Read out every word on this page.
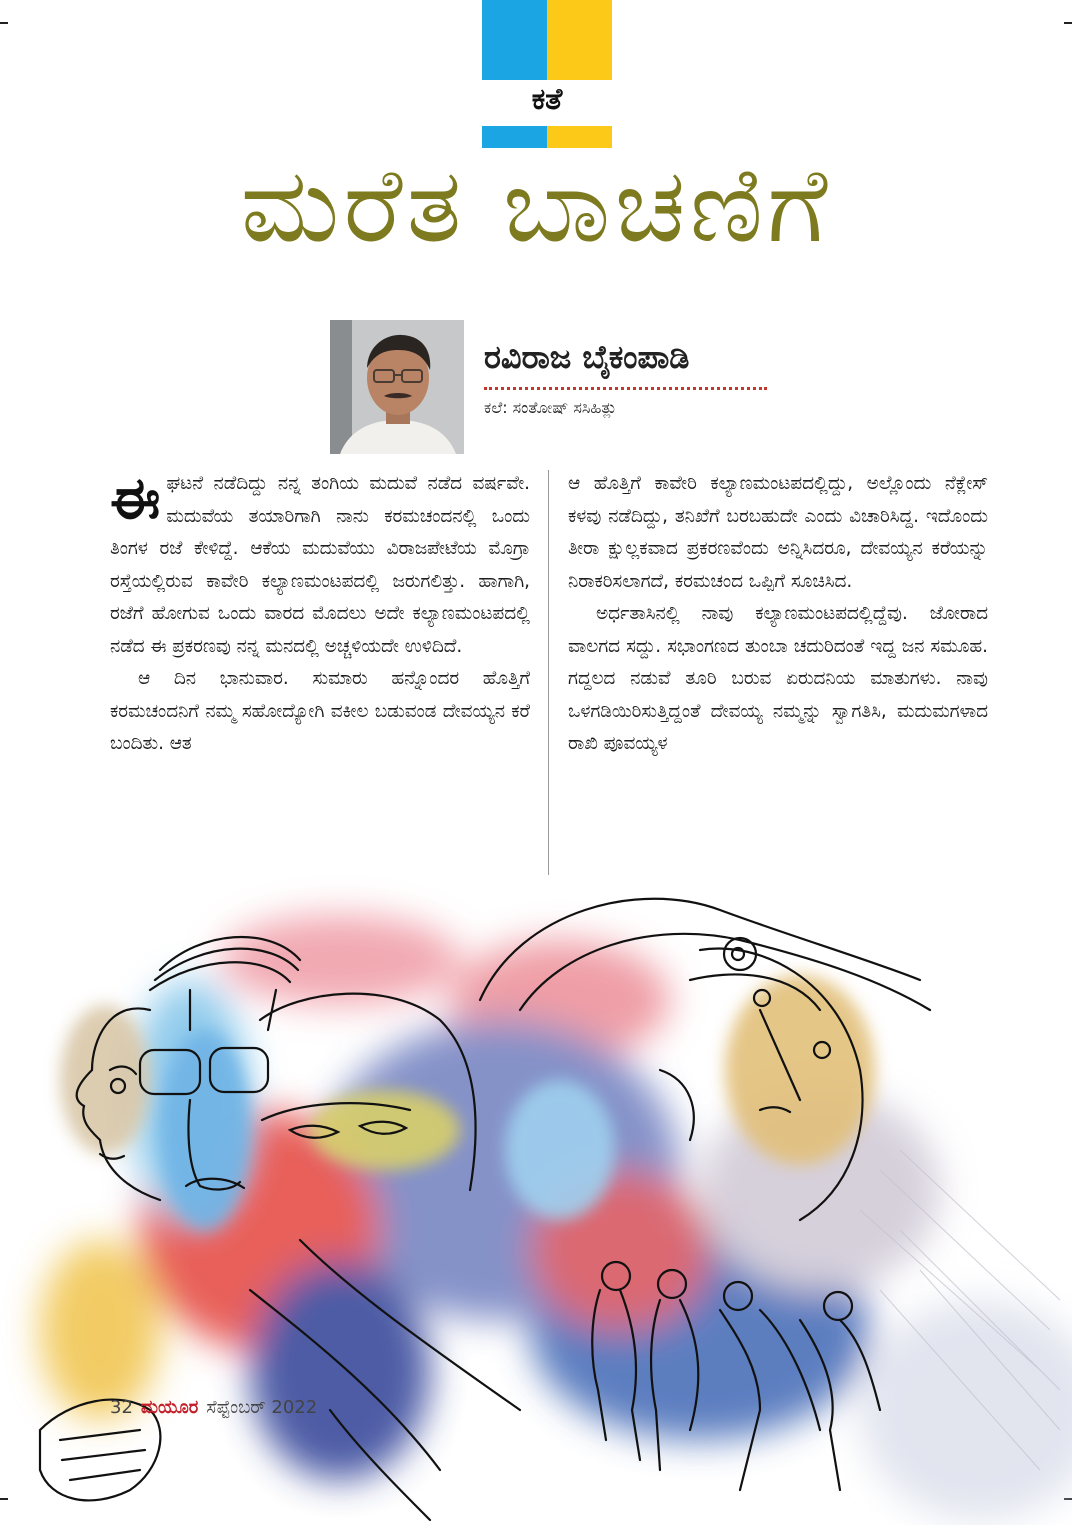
ಕತೆ
ಮರೆತ ಬಾಚಣಿಗೆ
ರವಿರಾಜ ಬೈಕಂಪಾಡಿ
ಕಲೆ: ಸಂತೋಷ್ ಸಸಿಹಿತ್ಲು

ಈಘಟನೆ ನಡೆದಿದ್ದು ನನ್ನ ತಂಗಿಯ ಮದುವೆ ನಡೆದ ವರ್ಷವೇ. ಮದುವೆಯ ತಯಾರಿಗಾಗಿ ನಾನು ಕರಮಚಂದನಲ್ಲಿ ಒಂದು ತಿಂಗಳ ರಜೆ ಕೇಳಿದ್ದೆ. ಆಕೆಯ ಮದುವೆಯು ವಿರಾಜಪೇಟೆಯ ಮೊಗ್ರಾ ರಸ್ತೆಯಲ್ಲಿರುವ ಕಾವೇರಿ ಕಲ್ಯಾಣಮಂಟಪದಲ್ಲಿ ಜರುಗಲಿತ್ತು. ಹಾಗಾಗಿ, ರಜೆಗೆ ಹೋಗುವ ಒಂದು ವಾರದ ಮೊದಲು ಅದೇ ಕಲ್ಯಾಣಮಂಟಪದಲ್ಲಿ ನಡೆದ ಈ ಪ್ರಕರಣವು ನನ್ನ ಮನದಲ್ಲಿ ಅಚ್ಚಳಿಯದೇ ಉಳಿದಿದೆ.

ಆ ದಿನ ಭಾನುವಾರ. ಸುಮಾರು ಹನ್ನೊಂದರ ಹೊತ್ತಿಗೆ ಕರಮಚಂದನಿಗೆ ನಮ್ಮ ಸಹೋದ್ಯೋಗಿ ವಕೀಲ ಬಡುವಂಡ ದೇವಯ್ಯನ ಕರೆ ಬಂದಿತು. ಆತ

ಆ ಹೊತ್ತಿಗೆ ಕಾವೇರಿ ಕಲ್ಯಾಣಮಂಟಪದಲ್ಲಿದ್ದು, ಅಲ್ಲೊಂದು ನೆಕ್ಲೇಸ್ ಕಳವು ನಡೆದಿದ್ದು, ತನಿಖೆಗೆ ಬರಬಹುದೇ ಎಂದು ವಿಚಾರಿಸಿದ್ದ. ಇದೊಂದು ತೀರಾ ಕ್ಷುಲ್ಲಕವಾದ ಪ್ರಕರಣವೆಂದು ಅನ್ನಿಸಿದರೂ, ದೇವಯ್ಯನ ಕರೆಯನ್ನು ನಿರಾಕರಿಸಲಾಗದೆ, ಕರಮಚಂದ ಒಪ್ಪಿಗೆ ಸೂಚಿಸಿದ.

ಅರ್ಧತಾಸಿನಲ್ಲಿ ನಾವು ಕಲ್ಯಾಣಮಂಟಪದಲ್ಲಿದ್ದೆವು. ಜೋರಾದ ವಾಲಗದ ಸದ್ದು. ಸಭಾಂಗಣದ ತುಂಬಾ ಚದುರಿದಂತೆ ಇದ್ದ ಜನ ಸಮೂಹ. ಗದ್ದಲದ ನಡುವೆ ತೂರಿ ಬರುವ ಏರುದನಿಯ ಮಾತುಗಳು. ನಾವು ಒಳಗಡಿಯಿರಿಸುತ್ತಿದ್ದಂತೆ ದೇವಯ್ಯ ನಮ್ಮನ್ನು ಸ್ವಾಗತಿಸಿ, ಮದುಮಗಳಾದ ರಾಖಿ ಪೂವಯ್ಯಳ

32 ಮಯೂರ ಸೆಪ್ಟೆಂಬರ್ 2022
